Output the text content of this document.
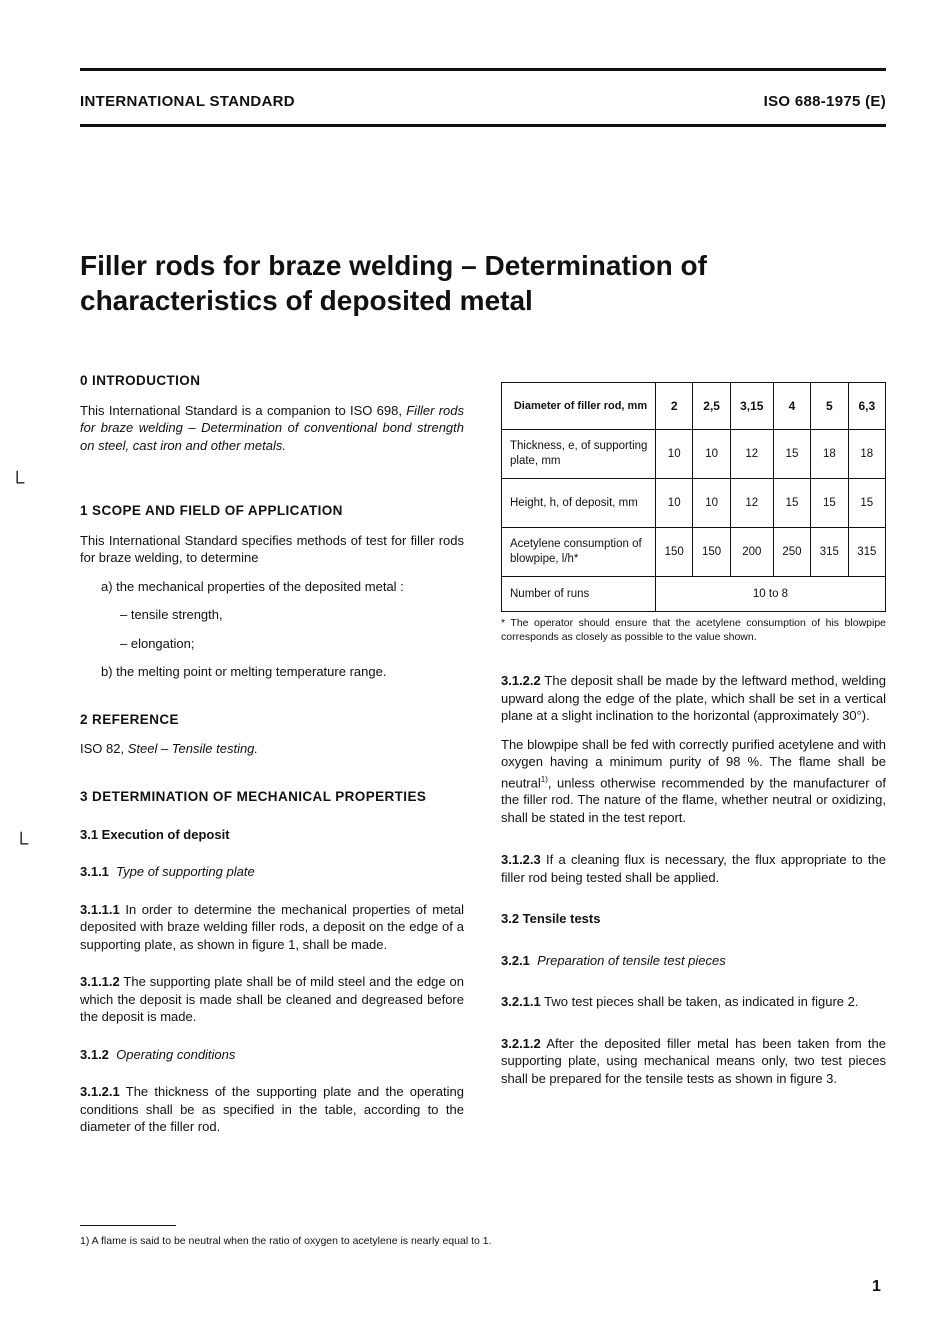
INTERNATIONAL STANDARD	ISO 688-1975 (E)
Filler rods for braze welding – Determination of
characteristics of deposited metal
└
└
0 INTRODUCTION

This International Standard is a companion to ISO 698, Filler rods for braze welding – Determination of conventional bond strength on steel, cast iron and other metals.

1 SCOPE AND FIELD OF APPLICATION

This International Standard specifies methods of test for filler rods for braze welding, to determine

a) the mechanical properties of the deposited metal :

– tensile strength,

– elongation;

b) the melting point or melting temperature range.

2 REFERENCE

ISO 82, Steel – Tensile testing.

3 DETERMINATION OF MECHANICAL PROPERTIES
3.1 Execution of deposit

3.1.1 Type of supporting plate

3.1.1.1 In order to determine the mechanical properties of metal deposited with braze welding filler rods, a deposit on the edge of a supporting plate, as shown in figure 1, shall be made.

3.1.1.2 The supporting plate shall be of mild steel and the edge on which the deposit is made shall be cleaned and degreased before the deposit is made.

3.1.2 Operating conditions

3.1.2.1 The thickness of the supporting plate and the operating conditions shall be as specified in the table, according to the diameter of the filler rod.

Diameter of filler rod, mm	2	2,5	3,15	4	5	6,3
Thickness, e, of supporting plate, mm	10	10	12	15	18	18
Height, h, of deposit, mm	10	10	12	15	15	15
Acetylene consumption of blowpipe, l/h*	150	150	200	250	315	315
Number of runs	10 to 8					
* The operator should ensure that the acetylene consumption of his blowpipe corresponds as closely as possible to the value shown.

3.1.2.2 The deposit shall be made by the leftward method, welding upward along the edge of the plate, which shall be set in a vertical plane at a slight inclination to the horizontal (approximately 30°).

The blowpipe shall be fed with correctly purified acetylene and with oxygen having a minimum purity of 98 %. The flame shall be neutral$^{1)}$, unless otherwise recommended by the manufacturer of the filler rod. The nature of the flame, whether neutral or oxidizing, shall be stated in the test report.

3.1.2.3 If a cleaning flux is necessary, the flux appropriate to the filler rod being tested shall be applied.

3.2 Tensile tests

3.2.1 Preparation of tensile test pieces

3.2.1.1 Two test pieces shall be taken, as indicated in figure 2.

3.2.1.2 After the deposited filler metal has been taken from the supporting plate, using mechanical means only, two test pieces shall be prepared for the tensile tests as shown in figure 3.

1) A flame is said to be neutral when the ratio of oxygen to acetylene is nearly equal to 1.
1
